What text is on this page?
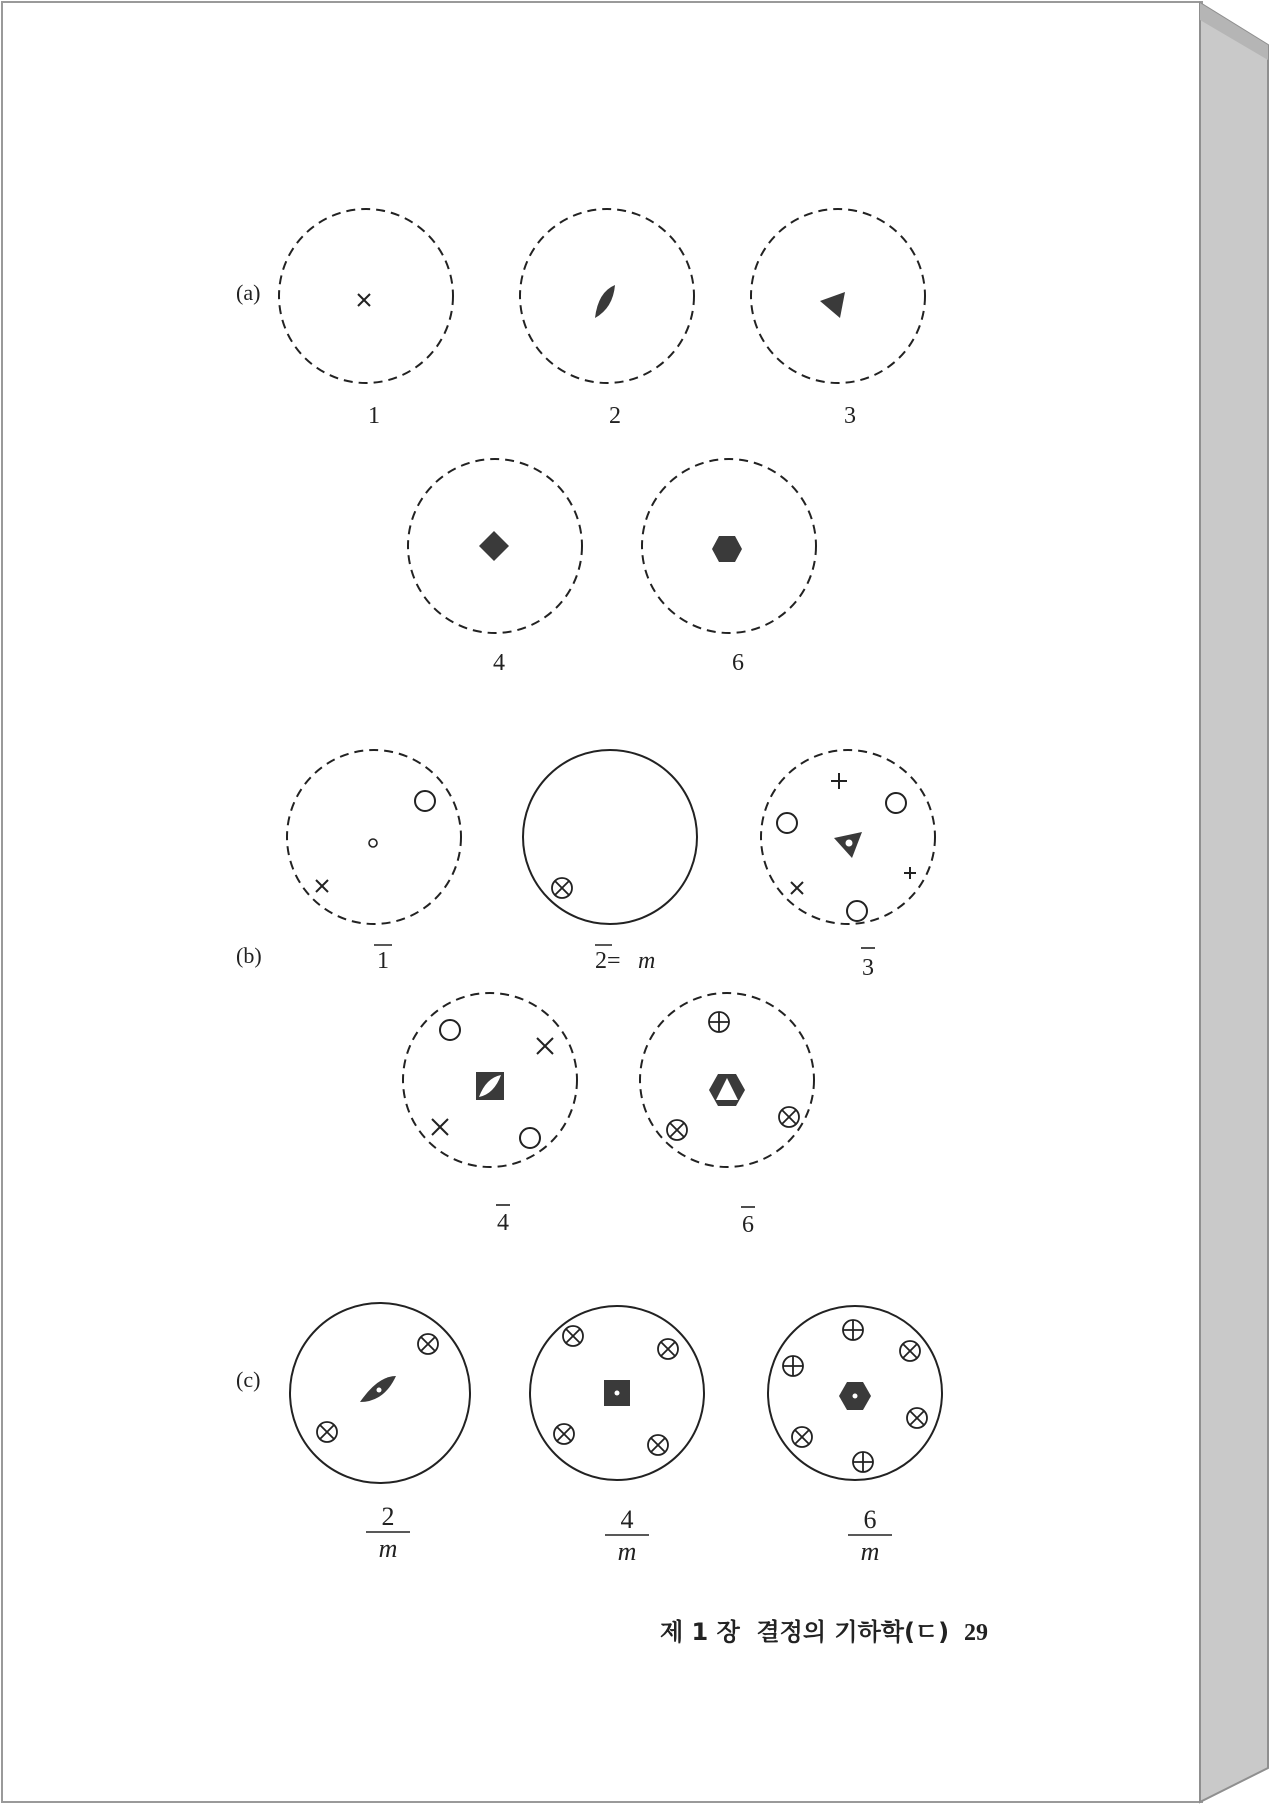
(a)
1	2	3
4	6
(b)	1	2= m	3
4	6
(c)
2
m
4
m
6
m
제 1 장  결정의 기하학(ㄷ) 29
